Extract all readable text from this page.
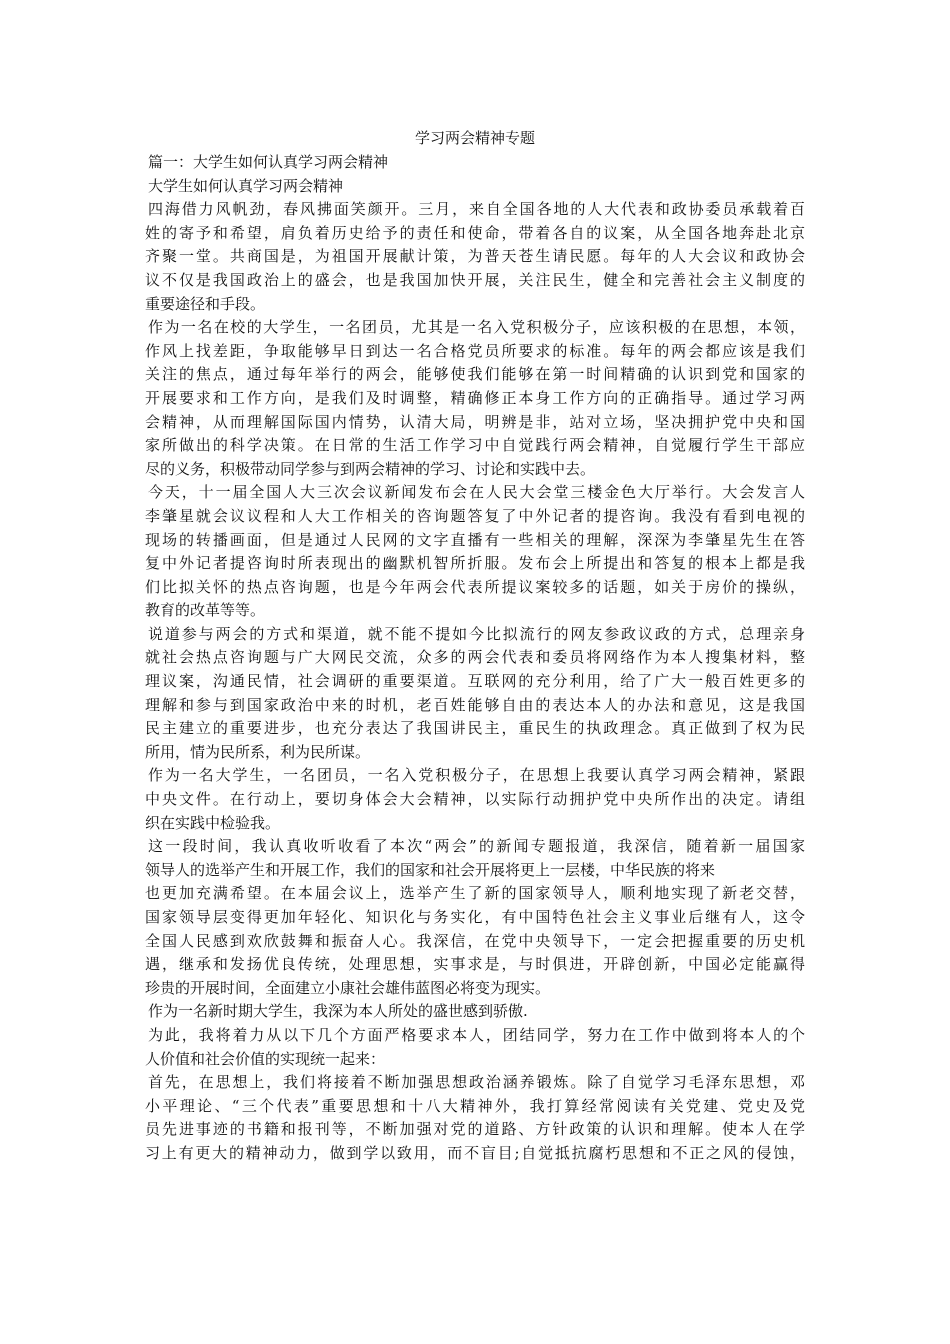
学习两会精神专题

篇一：大学生如何认真学习两会精神

大学生如何认真学习两会精神

四海借力风帆劲，春风拂面笑颜开。三月，来自全国各地的人大代表和政协委员承载着百

姓的寄予和希望，肩负着历史给予的责任和使命，带着各自的议案，从全国各地奔赴北京

齐聚一堂。共商国是，为祖国开展献计策，为普天苍生请民愿。每年的人大会议和政协会

议不仅是我国政治上的盛会，也是我国加快开展，关注民生，健全和完善社会主义制度的

重要途径和手段。

作为一名在校的大学生，一名团员，尤其是一名入党积极分子，应该积极的在思想，本领，

作风上找差距，争取能够早日到达一名合格党员所要求的标准。每年的两会都应该是我们

关注的焦点，通过每年举行的两会，能够使我们能够在第一时间精确的认识到党和国家的

开展要求和工作方向，是我们及时调整，精确修正本身工作方向的正确指导。通过学习两

会精神，从而理解国际国内情势，认清大局，明辨是非，站对立场，坚决拥护党中央和国

家所做出的科学决策。在日常的生活工作学习中自觉践行两会精神，自觉履行学生干部应

尽的义务，积极带动同学参与到两会精神的学习、讨论和实践中去。

今天，十一届全国人大三次会议新闻发布会在人民大会堂三楼金色大厅举行。大会发言人

李肇星就会议议程和人大工作相关的咨询题答复了中外记者的提咨询。我没有看到电视的

现场的转播画面，但是通过人民网的文字直播有一些相关的理解，深深为李肇星先生在答

复中外记者提咨询时所表现出的幽默机智所折服。发布会上所提出和答复的根本上都是我

们比拟关怀的热点咨询题，也是今年两会代表所提议案较多的话题，如关于房价的操纵，

教育的改革等等。

说道参与两会的方式和渠道，就不能不提如今比拟流行的网友参政议政的方式，总理亲身

就社会热点咨询题与广大网民交流，众多的两会代表和委员将网络作为本人搜集材料，整

理议案，沟通民情，社会调研的重要渠道。互联网的充分利用，给了广大一般百姓更多的

理解和参与到国家政治中来的时机，老百姓能够自由的表达本人的办法和意见，这是我国

民主建立的重要进步，也充分表达了我国讲民主，重民生的执政理念。真正做到了权为民

所用，情为民所系，利为民所谋。

作为一名大学生，一名团员，一名入党积极分子，在思想上我要认真学习两会精神，紧跟

中央文件。在行动上，要切身体会大会精神，以实际行动拥护党中央所作出的决定。请组

织在实践中检验我。

这一段时间，我认真收听收看了本次“两会”的新闻专题报道，我深信，随着新一届国家

领导人的选举产生和开展工作，我们的国家和社会开展将更上一层楼，中华民族的将来

也更加充满希望。在本届会议上，选举产生了新的国家领导人，顺利地实现了新老交替，

国家领导层变得更加年轻化、知识化与务实化，有中国特色社会主义事业后继有人，这令

全国人民感到欢欣鼓舞和振奋人心。我深信，在党中央领导下，一定会把握重要的历史机

遇，继承和发扬优良传统，处理思想，实事求是，与时俱进，开辟创新，中国必定能赢得

珍贵的开展时间，全面建立小康社会雄伟蓝图必将变为现实。

作为一名新时期大学生，我深为本人所处的盛世感到骄傲.

为此，我将着力从以下几个方面严格要求本人，团结同学，努力在工作中做到将本人的个

人价值和社会价值的实现统一起来：

首先，在思想上，我们将接着不断加强思想政治涵养锻炼。除了自觉学习毛泽东思想，邓

小平理论、“三个代表”重要思想和十八大精神外，我打算经常阅读有关党建、党史及党

员先进事迹的书籍和报刊等，不断加强对党的道路、方针政策的认识和理解。使本人在学

习上有更大的精神动力，做到学以致用，而不盲目;自觉抵抗腐朽思想和不正之风的侵蚀，
